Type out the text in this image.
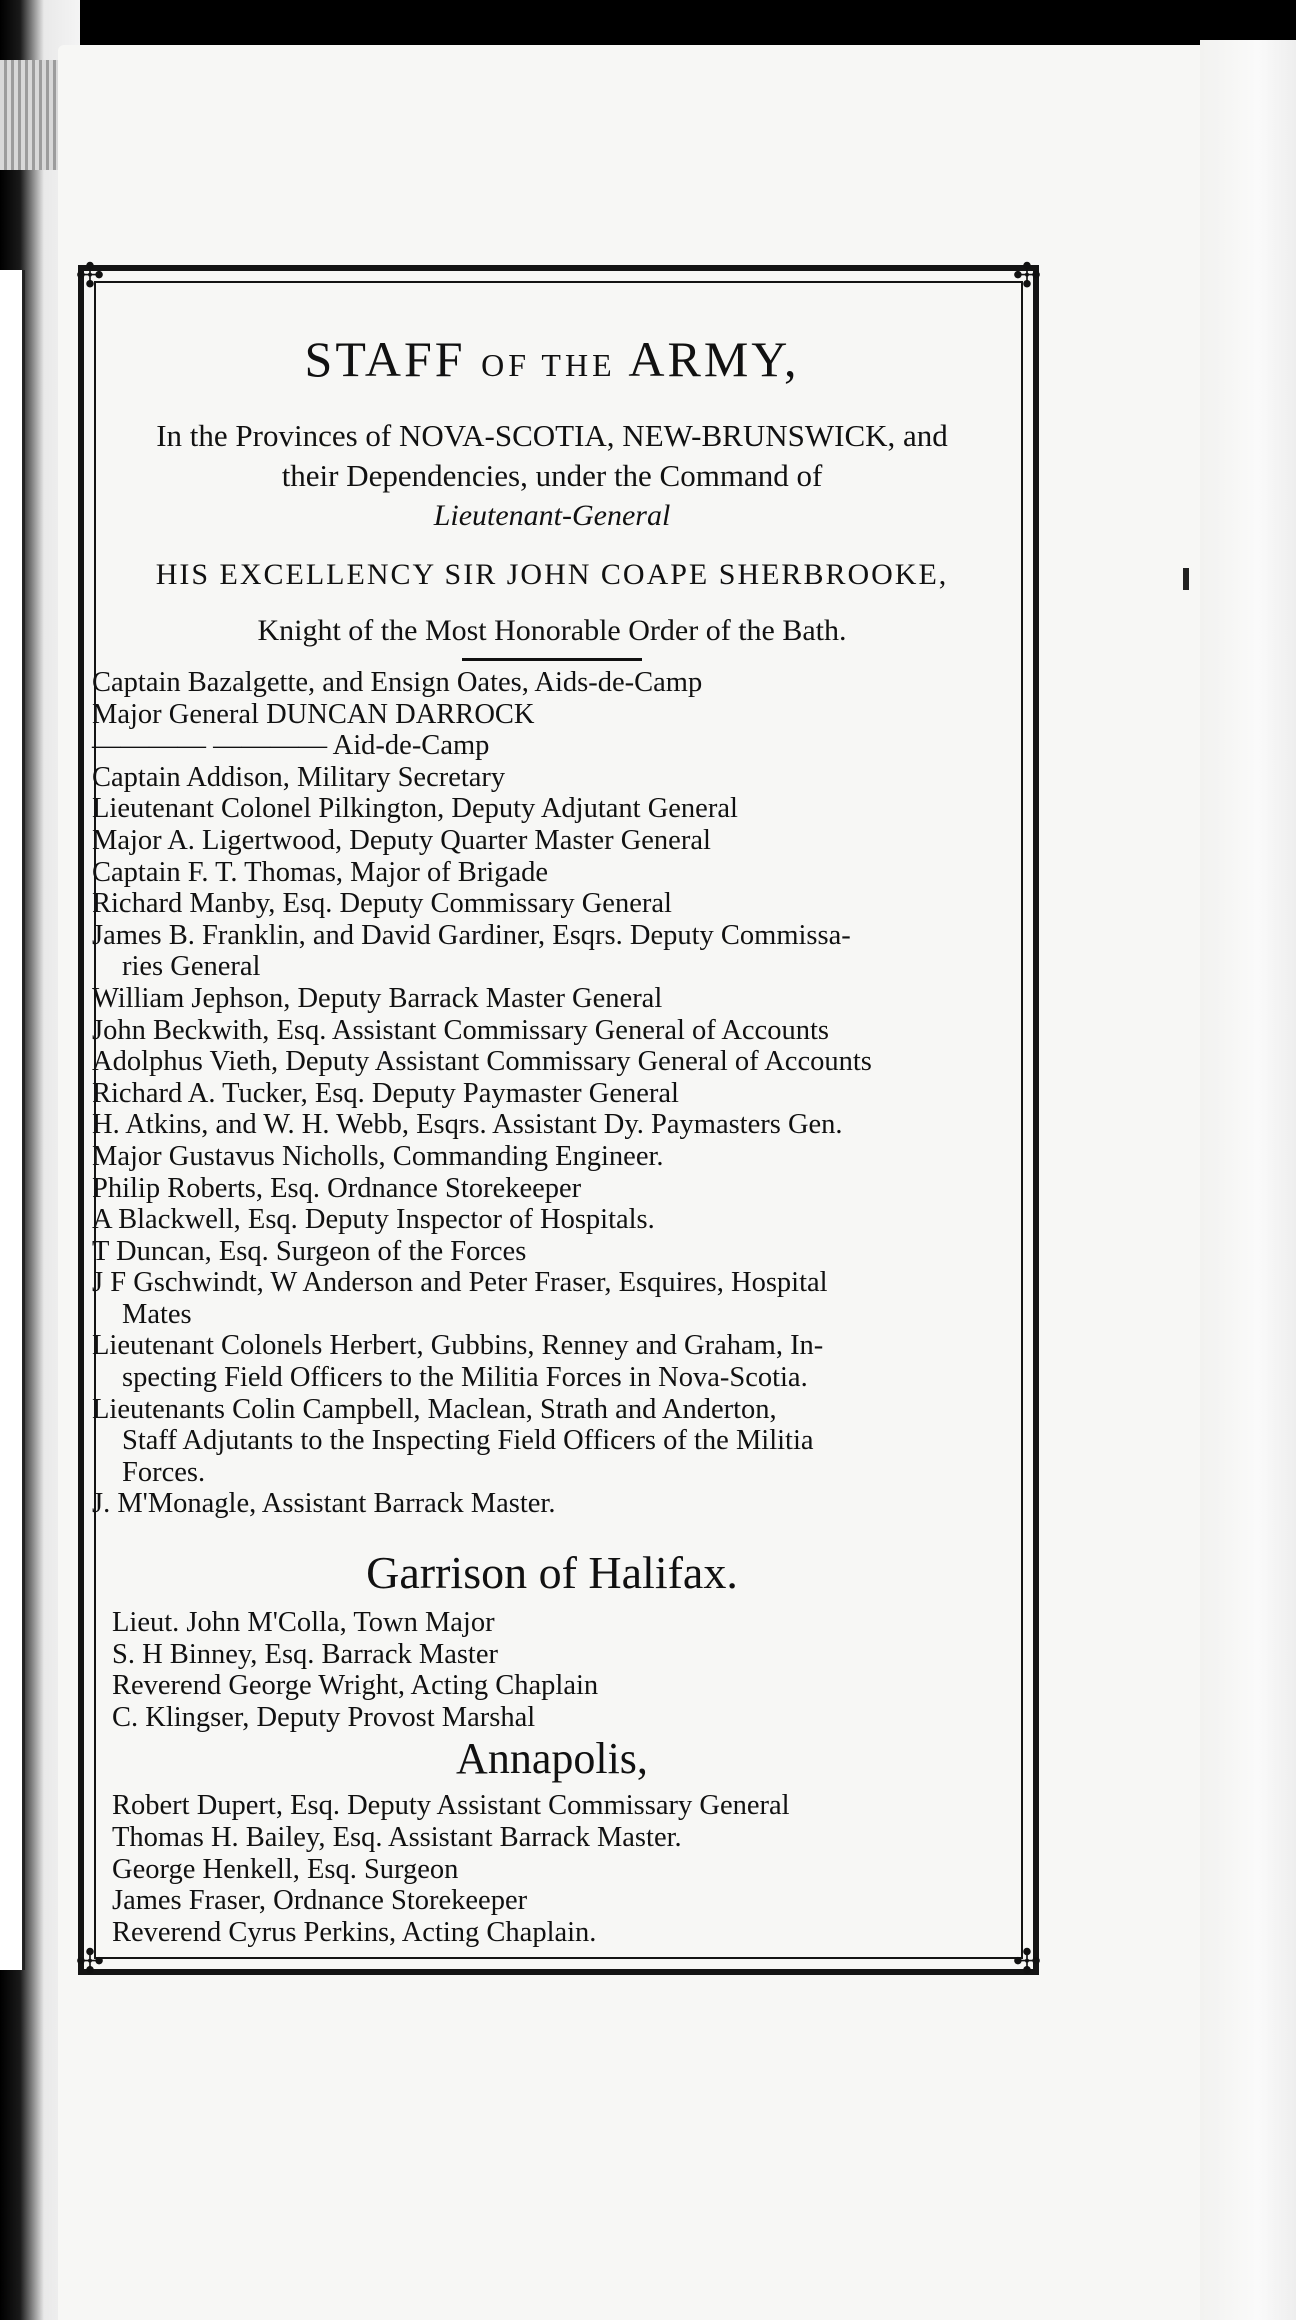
✣	✣
✣	✣
STAFF OF THE ARMY,
In the Provinces of NOVA-SCOTIA, NEW-BRUNSWICK, and
their Dependencies, under the Command of
Lieutenant-General
HIS EXCELLENCY SIR JOHN COAPE SHERBROOKE,
Knight of the Most Honorable Order of the Bath.
Captain Bazalgette, and Ensign Oates, Aids-de-Camp
Major General DUNCAN DARROCK
———— ———— Aid-de-Camp
Captain Addison, Military Secretary
Lieutenant Colonel Pilkington, Deputy Adjutant General
Major A. Ligertwood, Deputy Quarter Master General
Captain F. T. Thomas, Major of Brigade
Richard Manby, Esq. Deputy Commissary General
James B. Franklin, and David Gardiner, Esqrs. Deputy Commissa-
ries General
William Jephson, Deputy Barrack Master General
John Beckwith, Esq. Assistant Commissary General of Accounts
Adolphus Vieth, Deputy Assistant Commissary General of Accounts
Richard A. Tucker, Esq. Deputy Paymaster General
H. Atkins, and W. H. Webb, Esqrs. Assistant Dy. Paymasters Gen.
Major Gustavus Nicholls, Commanding Engineer.
Philip Roberts, Esq. Ordnance Storekeeper
A Blackwell, Esq. Deputy Inspector of Hospitals.
T Duncan, Esq. Surgeon of the Forces
J F Gschwindt, W Anderson and Peter Fraser, Esquires, Hospital
Mates
Lieutenant Colonels Herbert, Gubbins, Renney and Graham, In-
specting Field Officers to the Militia Forces in Nova-Scotia.
Lieutenants Colin Campbell, Maclean, Strath and Anderton,
Staff Adjutants to the Inspecting Field Officers of the Militia
Forces.
J. M'Monagle, Assistant Barrack Master.
Garrison of Halifax.
Lieut. John M'Colla, Town Major
S. H Binney, Esq. Barrack Master
Reverend George Wright, Acting Chaplain
C. Klingser, Deputy Provost Marshal
Annapolis,
Robert Dupert, Esq. Deputy Assistant Commissary General
Thomas H. Bailey, Esq. Assistant Barrack Master.
George Henkell, Esq. Surgeon
James Fraser, Ordnance Storekeeper
Reverend Cyrus Perkins, Acting Chaplain.
